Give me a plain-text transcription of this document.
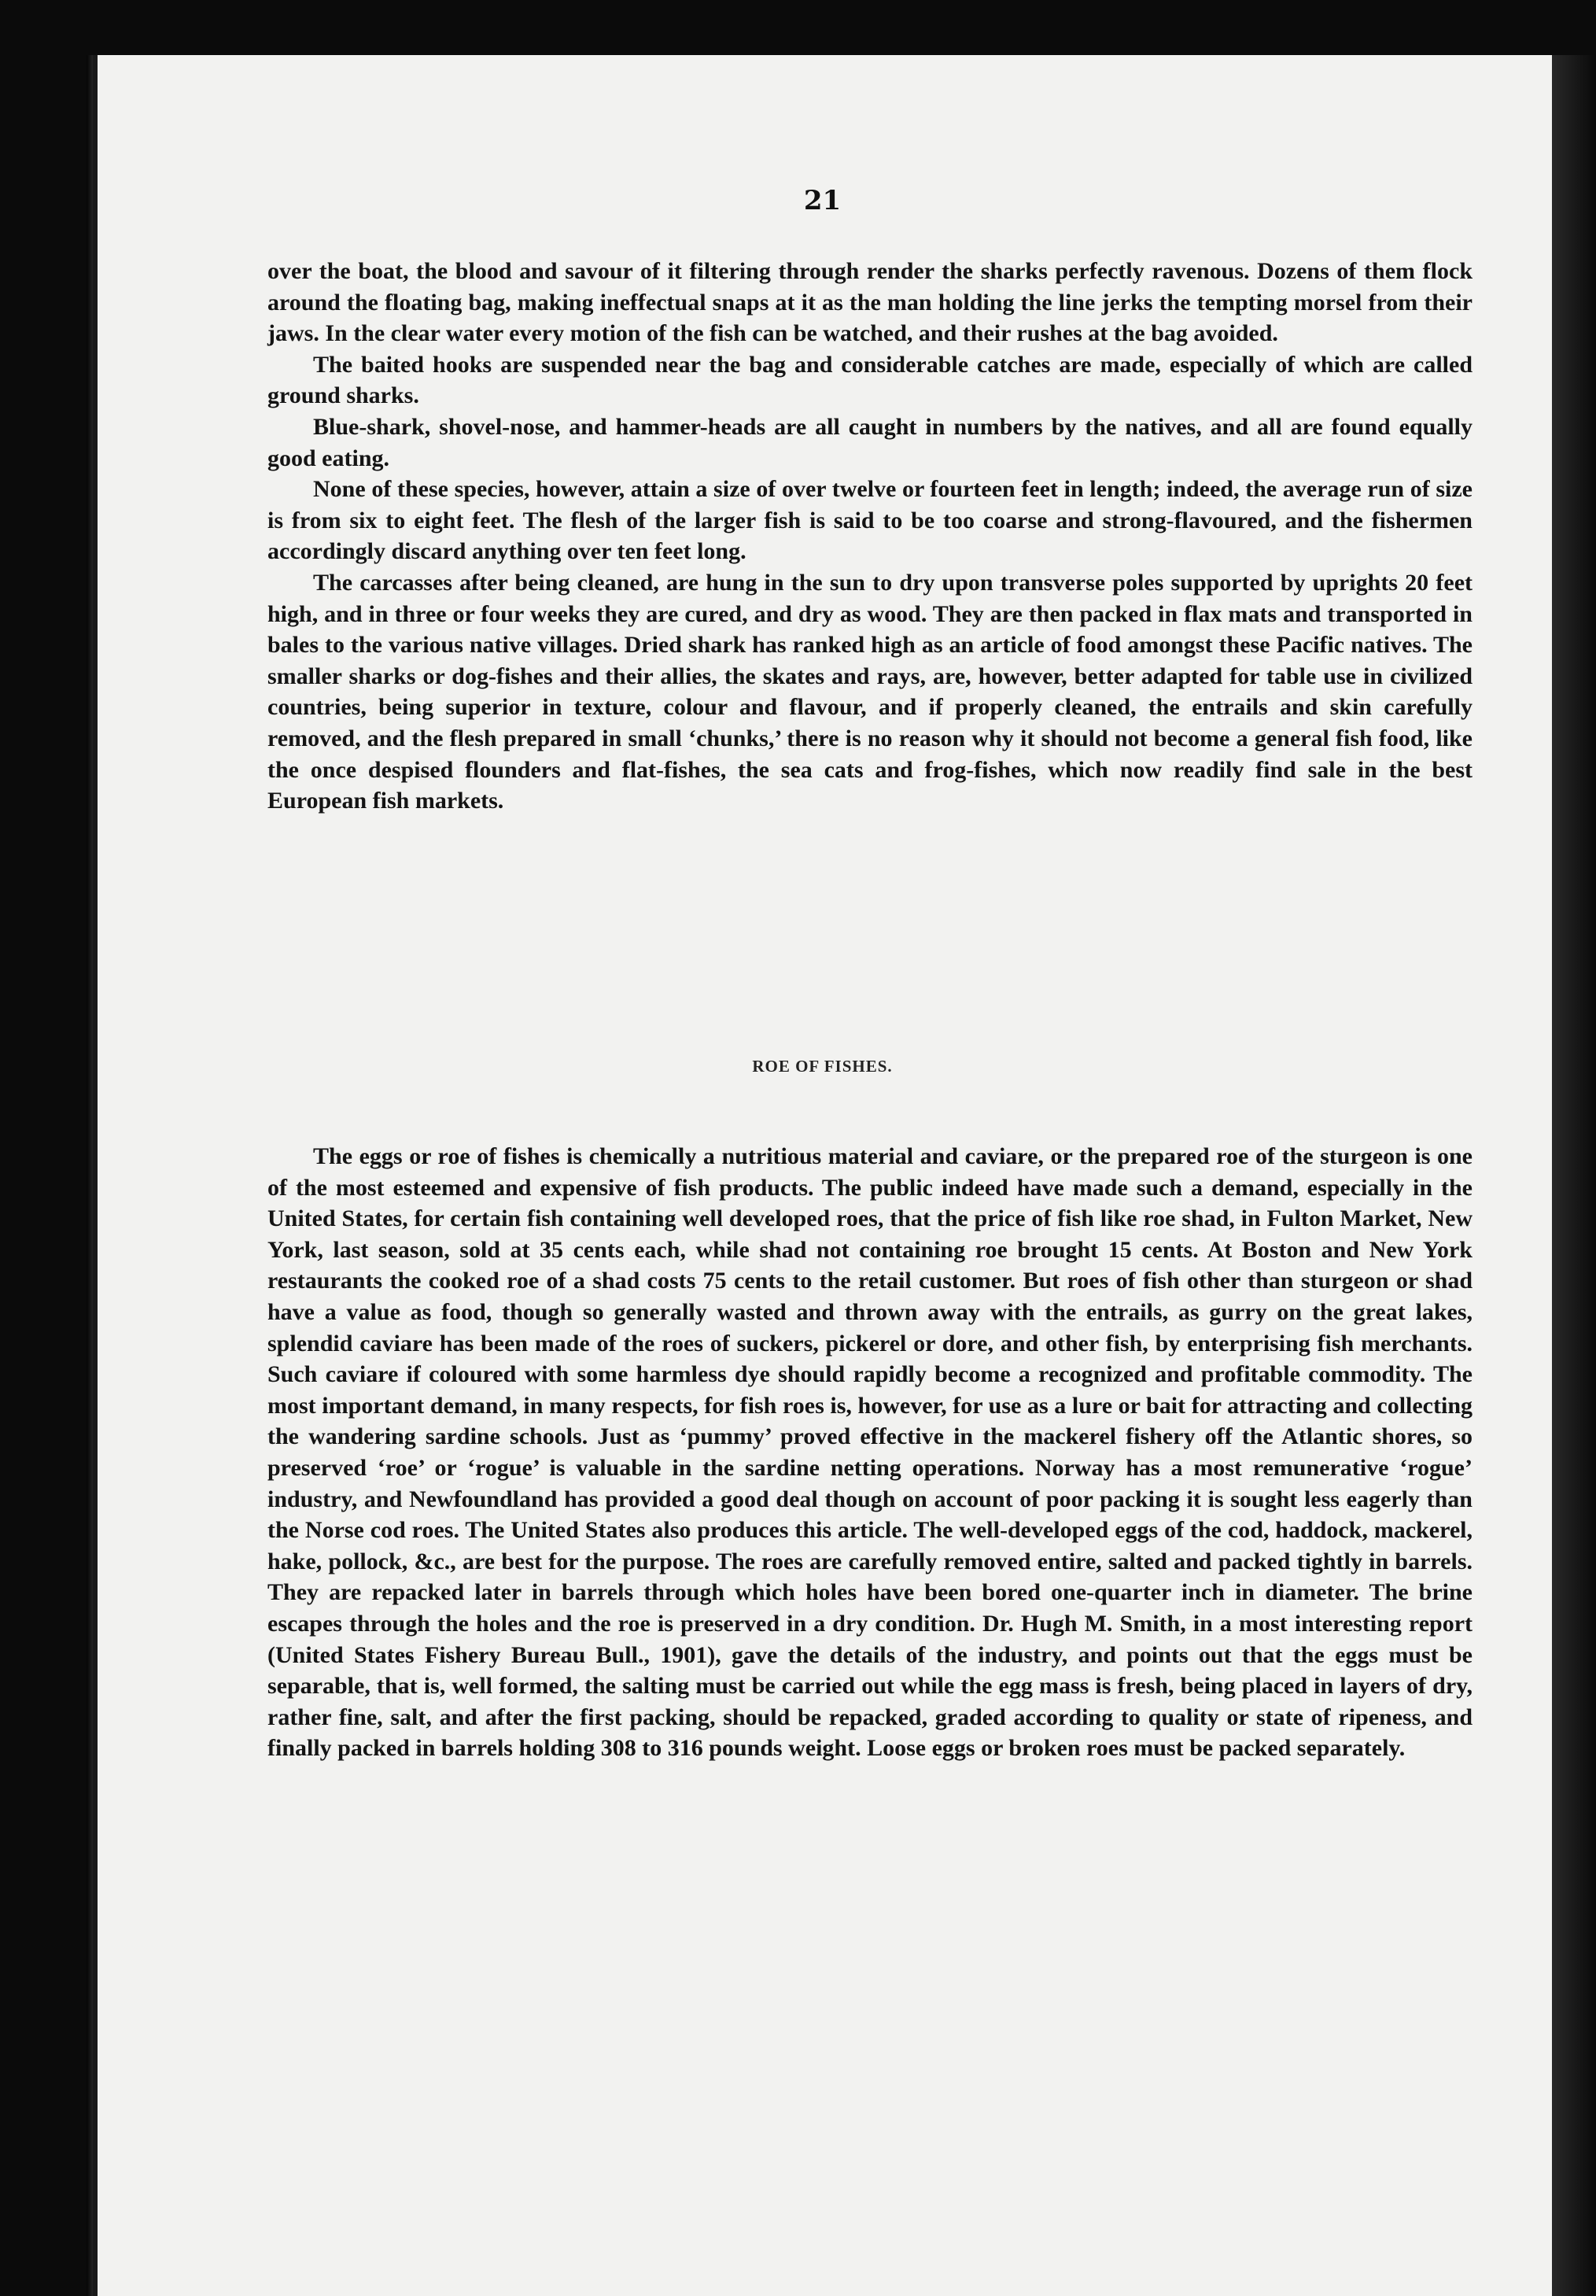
21

over the boat, the blood and savour of it filtering through render the sharks perfectly ravenous. Dozens of them flock around the floating bag, making ineffectual snaps at it as the man holding the line jerks the tempting morsel from their jaws. In the clear water every motion of the fish can be watched, and their rushes at the bag avoided.

The baited hooks are suspended near the bag and considerable catches are made, especially of which are called ground sharks.

Blue-shark, shovel-nose, and hammer-heads are all caught in numbers by the natives, and all are found equally good eating.

None of these species, however, attain a size of over twelve or fourteen feet in length; indeed, the average run of size is from six to eight feet. The flesh of the larger fish is said to be too coarse and strong-flavoured, and the fishermen accordingly discard anything over ten feet long.

The carcasses after being cleaned, are hung in the sun to dry upon transverse poles supported by uprights 20 feet high, and in three or four weeks they are cured, and dry as wood. They are then packed in flax mats and transported in bales to the various native villages. Dried shark has ranked high as an article of food amongst these Pacific natives. The smaller sharks or dog-fishes and their allies, the skates and rays, are, however, better adapted for table use in civilized countries, being superior in texture, colour and flavour, and if properly cleaned, the entrails and skin carefully removed, and the flesh prepared in small ‘chunks,’ there is no reason why it should not become a general fish food, like the once despised flounders and flat-fishes, the sea cats and frog-fishes, which now readily find sale in the best European fish markets.

ROE OF FISHES.

The eggs or roe of fishes is chemically a nutritious material and caviare, or the prepared roe of the sturgeon is one of the most esteemed and expensive of fish products. The public indeed have made such a demand, especially in the United States, for certain fish containing well developed roes, that the price of fish like roe shad, in Fulton Market, New York, last season, sold at 35 cents each, while shad not containing roe brought 15 cents. At Boston and New York restaurants the cooked roe of a shad costs 75 cents to the retail customer. But roes of fish other than sturgeon or shad have a value as food, though so generally wasted and thrown away with the entrails, as gurry on the great lakes, splendid caviare has been made of the roes of suckers, pickerel or dore, and other fish, by enterprising fish merchants. Such caviare if coloured with some harmless dye should rapidly become a recognized and profitable commodity. The most important demand, in many respects, for fish roes is, however, for use as a lure or bait for attracting and collecting the wandering sardine schools. Just as ‘pummy’ proved effective in the mackerel fishery off the Atlantic shores, so preserved ‘roe’ or ‘rogue’ is valuable in the sardine netting operations. Norway has a most remunerative ‘rogue’ industry, and Newfoundland has provided a good deal though on account of poor packing it is sought less eagerly than the Norse cod roes. The United States also produces this article. The well-developed eggs of the cod, haddock, mackerel, hake, pollock, &c., are best for the purpose. The roes are carefully removed entire, salted and packed tightly in barrels. They are repacked later in barrels through which holes have been bored one-quarter inch in diameter. The brine escapes through the holes and the roe is preserved in a dry condition. Dr. Hugh M. Smith, in a most interesting report (United States Fishery Bureau Bull., 1901), gave the details of the industry, and points out that the eggs must be separable, that is, well formed, the salting must be carried out while the egg mass is fresh, being placed in layers of dry, rather fine, salt, and after the first packing, should be repacked, graded according to quality or state of ripeness, and finally packed in barrels holding 308 to 316 pounds weight. Loose eggs or broken roes must be packed separately.
